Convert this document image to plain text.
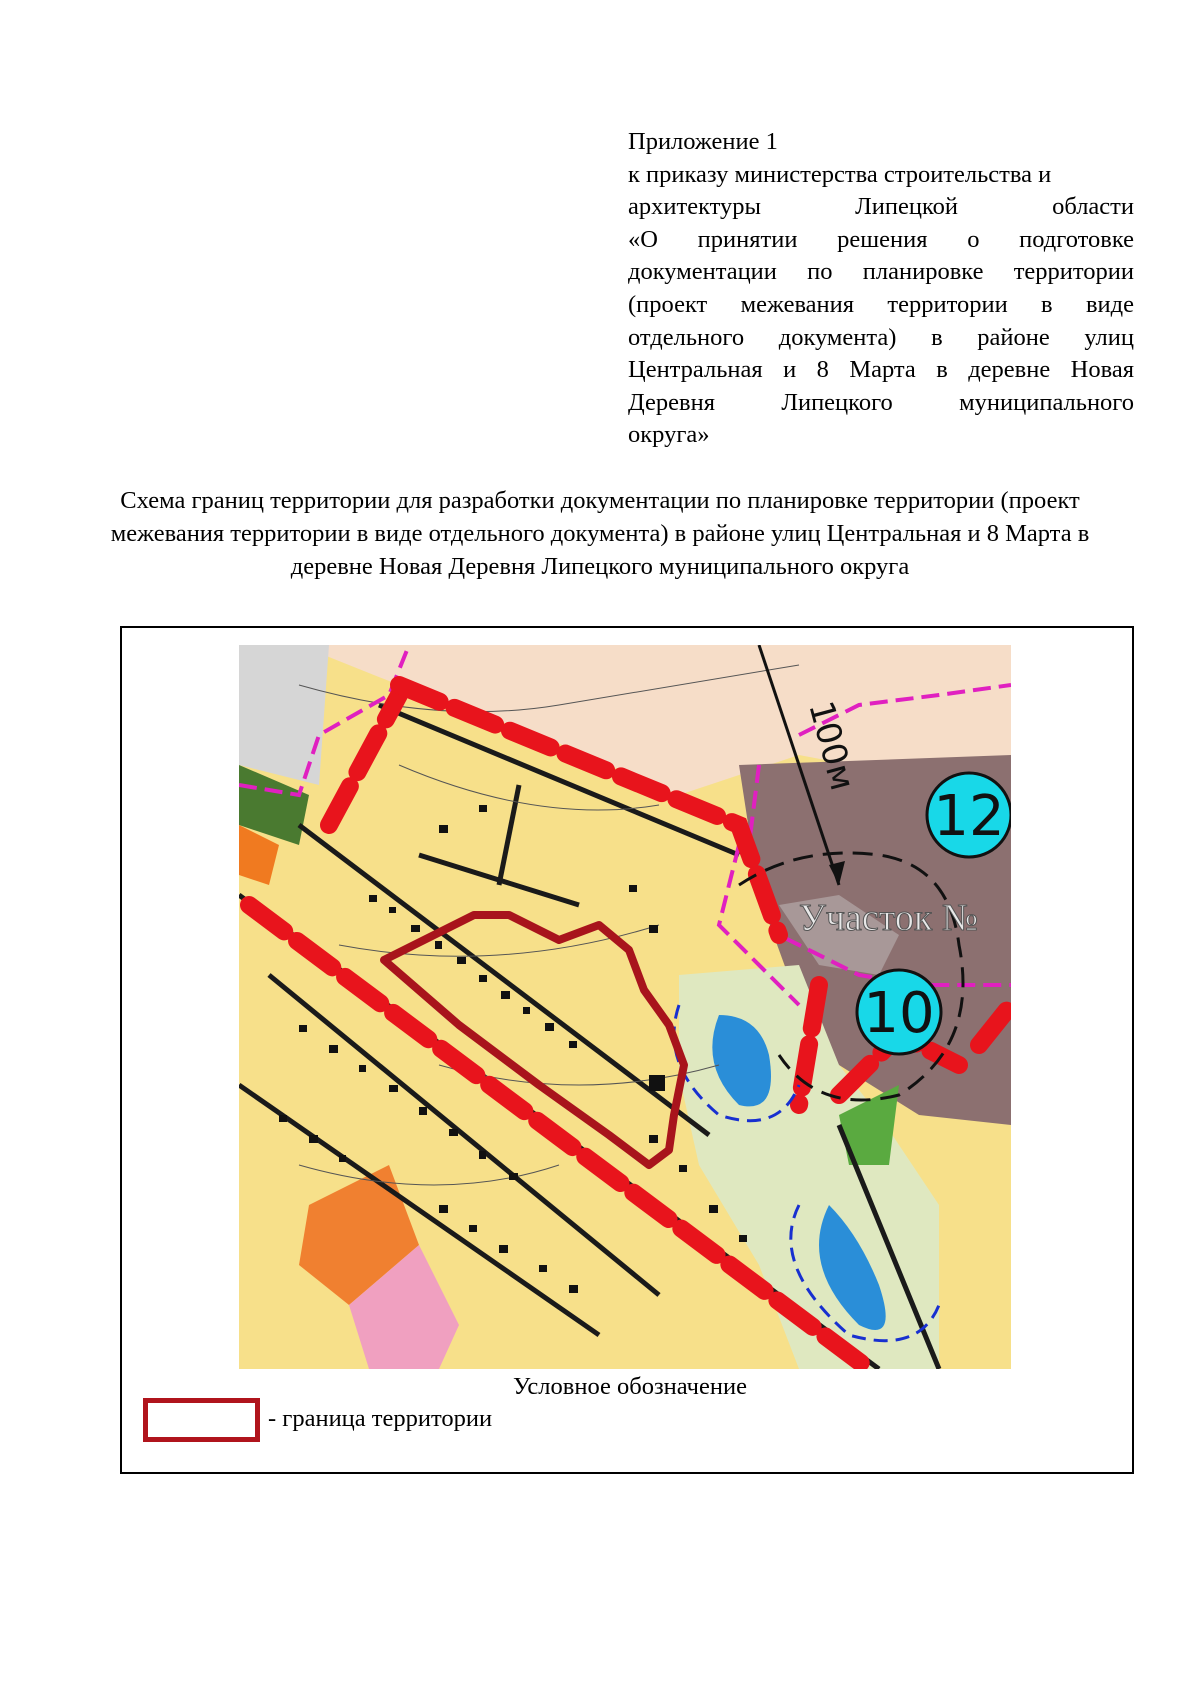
Приложение 1
к приказу министерства строительства и
архитектуры Липецкой области
«О принятии решения о подготовке
документации по планировке территории
(проект межевания территории в виде
отдельного документа) в районе улиц
Центральная и 8 Марта в деревне Новая
Деревня Липецкого муниципального
округа»
Схема границ территории для разработки документации по планировке территории (проект межевания территории в виде отдельного документа) в районе улиц Центральная и 8 Марта в деревне Новая Деревня Липецкого муниципального округа
100м
12
10
Участок №
Условное обозначение
- граница территории
